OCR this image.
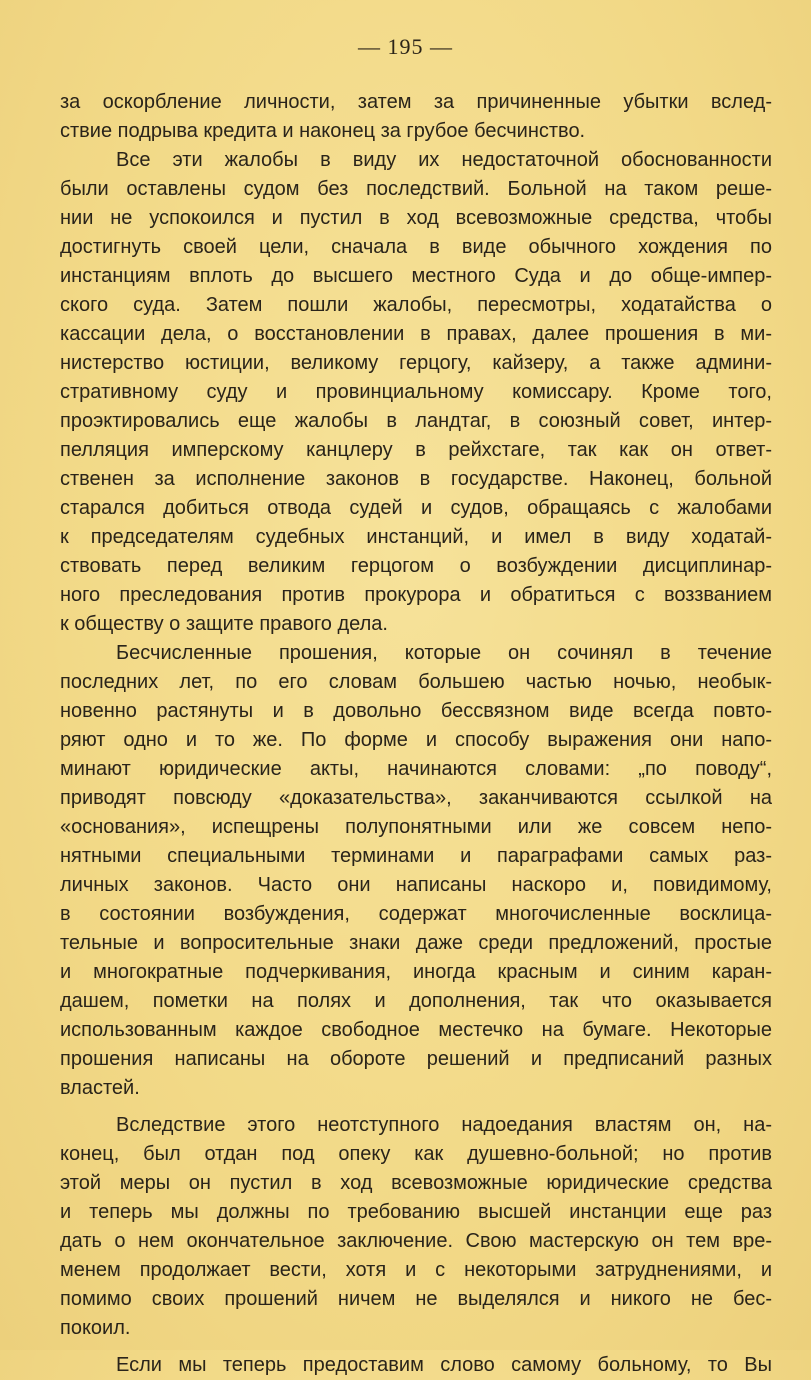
— 195 —
за оскорбление личности, затем за причиненные убытки вслед-
ствие подрыва кредита и наконец за грубое бесчинство.
Все эти жалобы в виду их недостаточной обоснованности
были оставлены судом без последствий. Больной на таком реше-
нии не успокоился и пустил в ход всевозможные средства, чтобы
достигнуть своей цели, сначала в виде обычного хождения по
инстанциям вплоть до высшего местного Суда и до обще-импер-
ского суда. Затем пошли жалобы, пересмотры, ходатайства о
кассации дела, о восстановлении в правах, далее прошения в ми-
нистерство юстиции, великому герцогу, кайзеру, а также админи-
стративному суду и провинциальному комиссару. Кроме того,
проэктировались еще жалобы в ландтаг, в союзный совет, интер-
пелляция имперскому канцлеру в рейхстаге, так как он ответ-
ственен за исполнение законов в государстве. Наконец, больной
старался добиться отвода судей и судов, обращаясь с жалобами
к председателям судебных инстанций, и имел в виду ходатай-
ствовать перед великим герцогом о возбуждении дисциплинар-
ного преследования против прокурора и обратиться с воззванием
к обществу о защите правого дела.
Бесчисленные прошения, которые он сочинял в течение
последних лет, по его словам большею частью ночью, необык-
новенно растянуты и в довольно бессвязном виде всегда повто-
ряют одно и то же. По форме и способу выражения они напо-
минают юридические акты, начинаются словами: „по поводу“,
приводят повсюду «доказательства», заканчиваются ссылкой на
«основания», испещрены полупонятными или же совсем непо-
нятными специальными терминами и параграфами самых раз-
личных законов. Часто они написаны наскоро и, повидимому,
в состоянии возбуждения, содержат многочисленные восклица-
тельные и вопросительные знаки даже среди предложений, простые
и многократные подчеркивания, иногда красным и синим каран-
дашем, пометки на полях и дополнения, так что оказывается
использованным каждое свободное местечко на бумаге. Некоторые
прошения написаны на обороте решений и предписаний разных
властей.
Вследствие этого неотступного надоедания властям он, на-
конец, был отдан под опеку как душевно-больной; но против
этой меры он пустил в ход всевозможные юридические средства
и теперь мы должны по требованию высшей инстанции еще раз
дать о нем окончательное заключение. Свою мастерскую он тем вре-
менем продолжает вести, хотя и с некоторыми затруднениями, и
помимо своих прошений ничем не выделялся и никого не бес-
покоил.
Если мы теперь предоставим слово самому больному, то Вы
